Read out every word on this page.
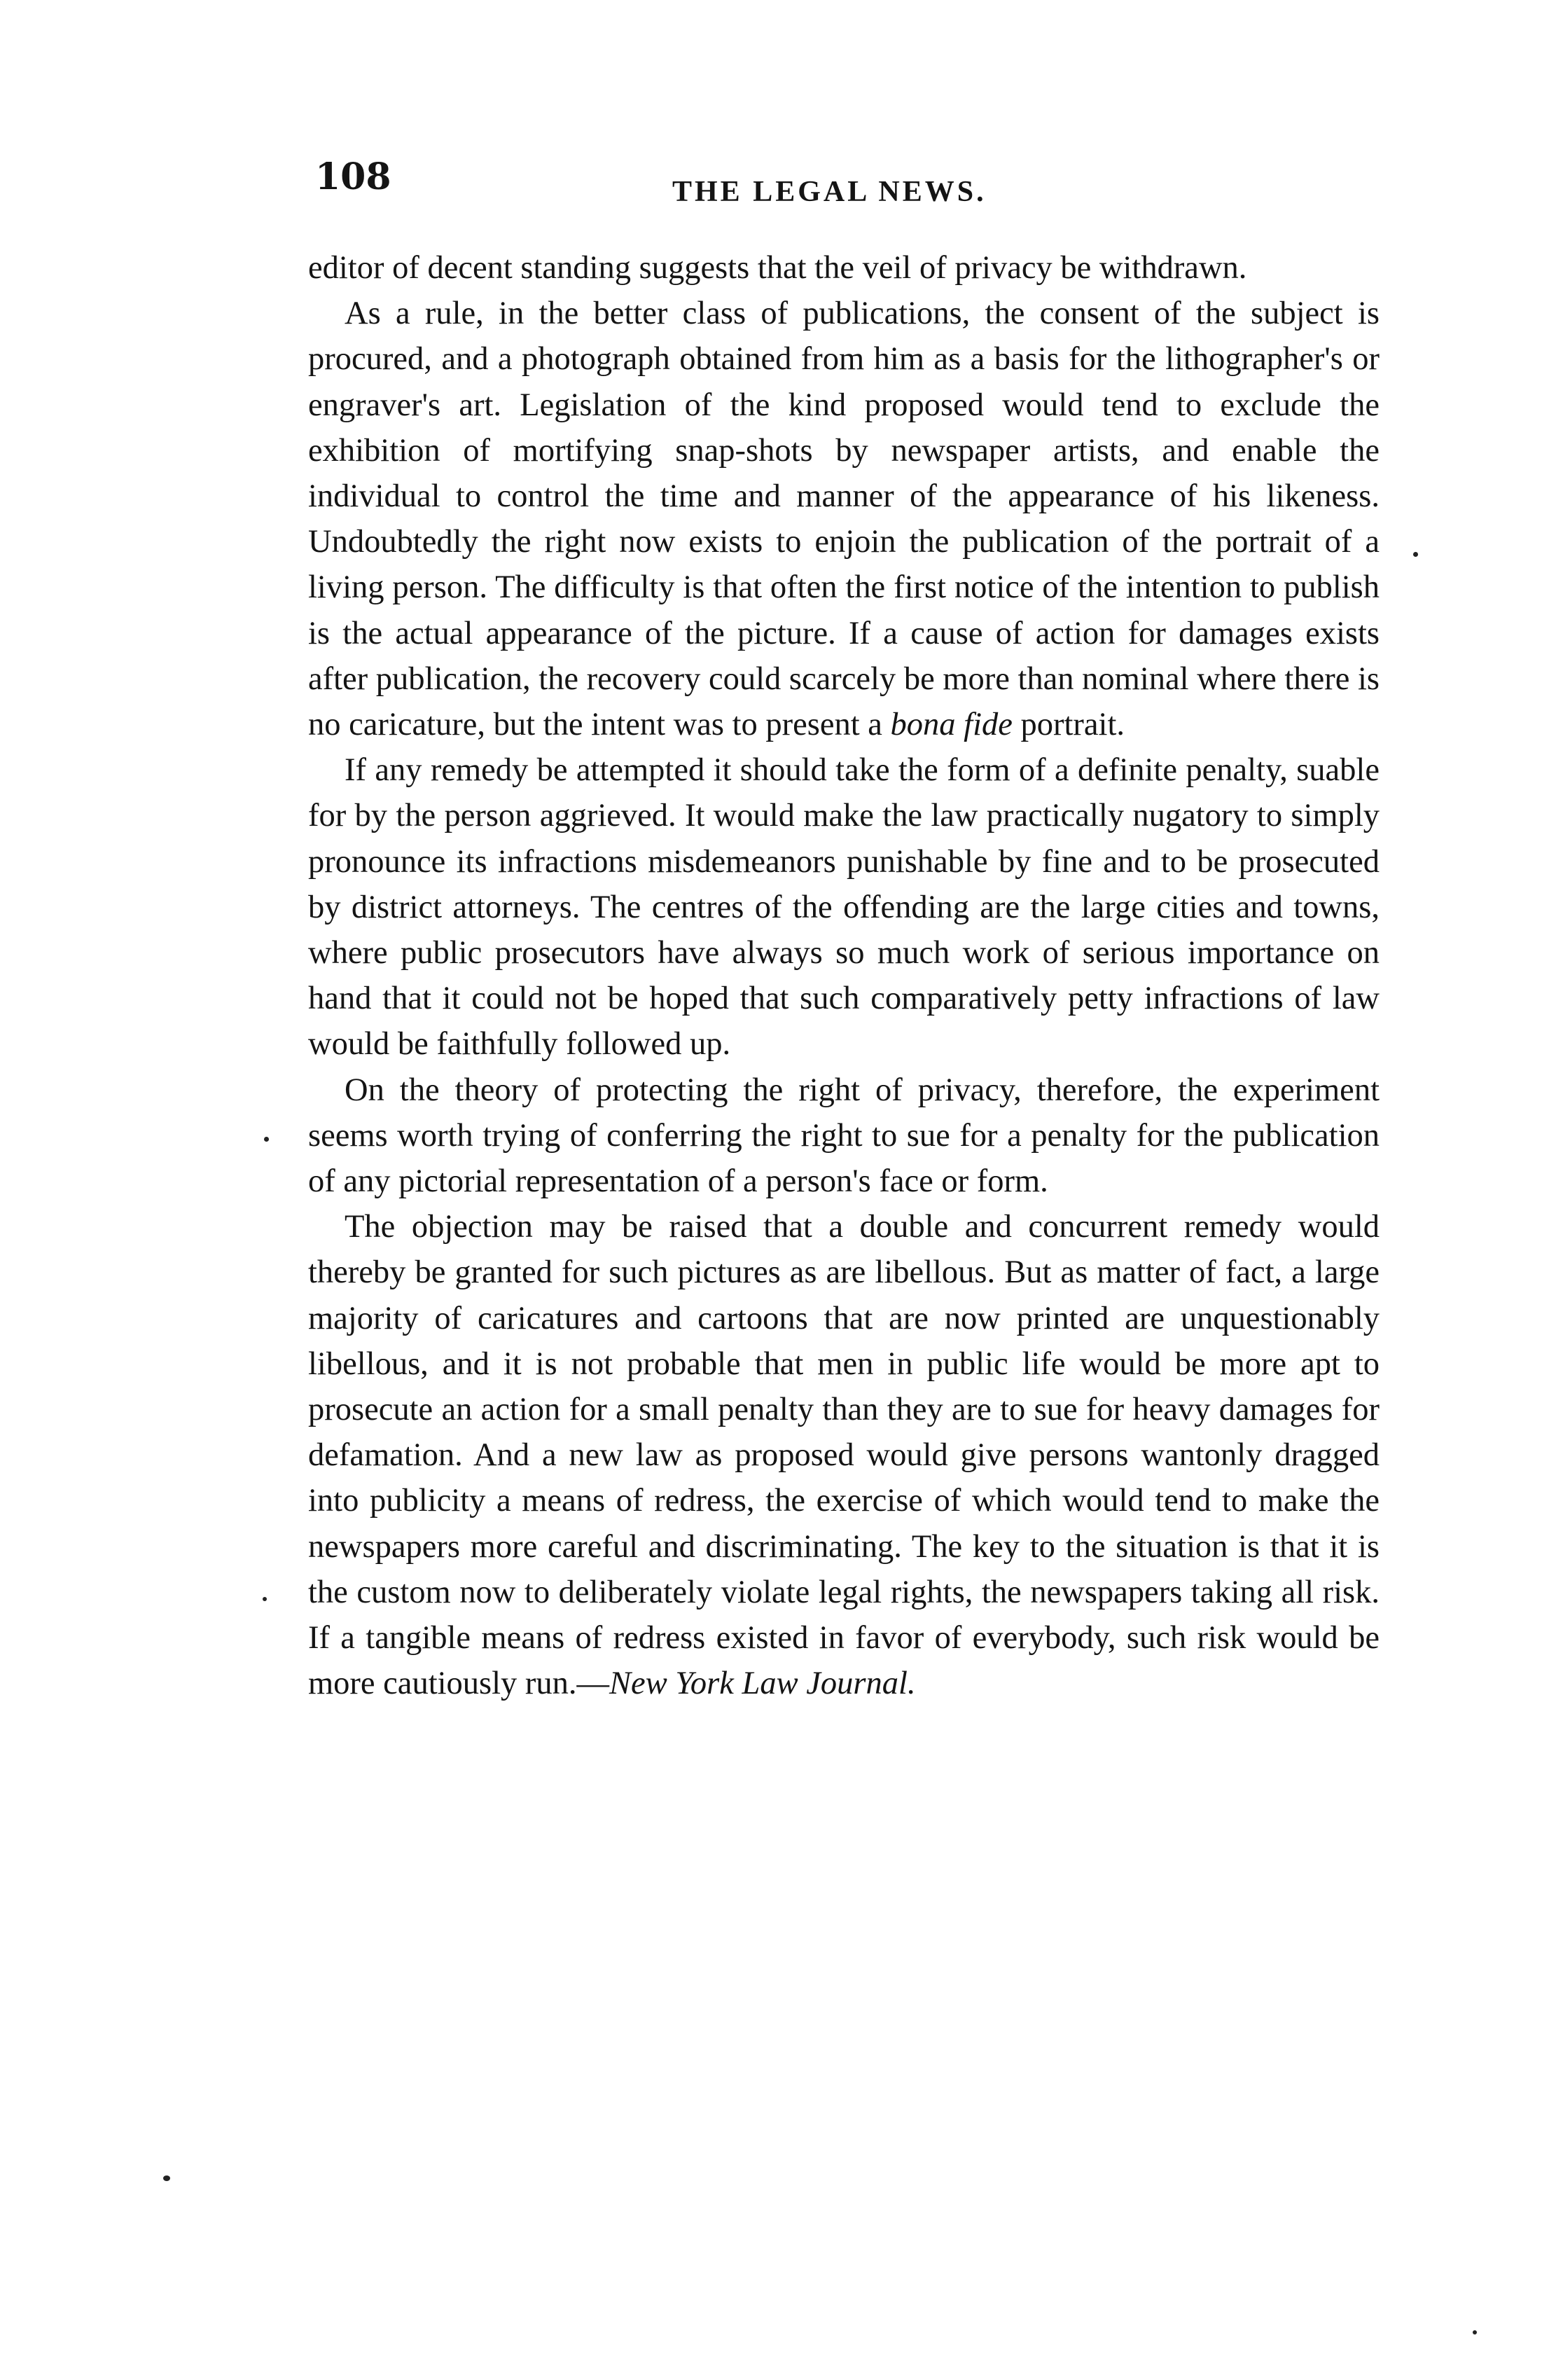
108	THE LEGAL NEWS.

editor of decent standing suggests that the veil of privacy be withdrawn.

As a rule, in the better class of publications, the consent of the subject is procured, and a photograph obtained from him as a basis for the lithographer's or engraver's art. Legislation of the kind proposed would tend to exclude the exhibition of mortifying snap-shots by newspaper artists, and enable the individual to control the time and manner of the appearance of his likeness. Undoubtedly the right now exists to enjoin the publication of the portrait of a living person. The difficulty is that often the first notice of the intention to publish is the actual appearance of the picture. If a cause of action for damages exists after publication, the recovery could scarcely be more than nominal where there is no caricature, but the intent was to present a bona fide portrait.

If any remedy be attempted it should take the form of a definite penalty, suable for by the person aggrieved. It would make the law practically nugatory to simply pronounce its infractions misdemeanors punishable by fine and to be prosecuted by district attorneys. The centres of the offending are the large cities and towns, where public prosecutors have always so much work of serious importance on hand that it could not be hoped that such comparatively petty infractions of law would be faithfully followed up.

On the theory of protecting the right of privacy, therefore, the experiment seems worth trying of conferring the right to sue for a penalty for the publication of any pictorial representation of a person's face or form.

The objection may be raised that a double and concurrent remedy would thereby be granted for such pictures as are libellous. But as matter of fact, a large majority of caricatures and cartoons that are now printed are unquestionably libellous, and it is not probable that men in public life would be more apt to prosecute an action for a small penalty than they are to sue for heavy damages for defamation. And a new law as proposed would give persons wantonly dragged into publicity a means of redress, the exercise of which would tend to make the newspapers more careful and discriminating. The key to the situation is that it is the custom now to deliberately violate legal rights, the newspapers taking all risk. If a tangible means of redress existed in favor of everybody, such risk would be more cautiously run.—New York Law Journal.
